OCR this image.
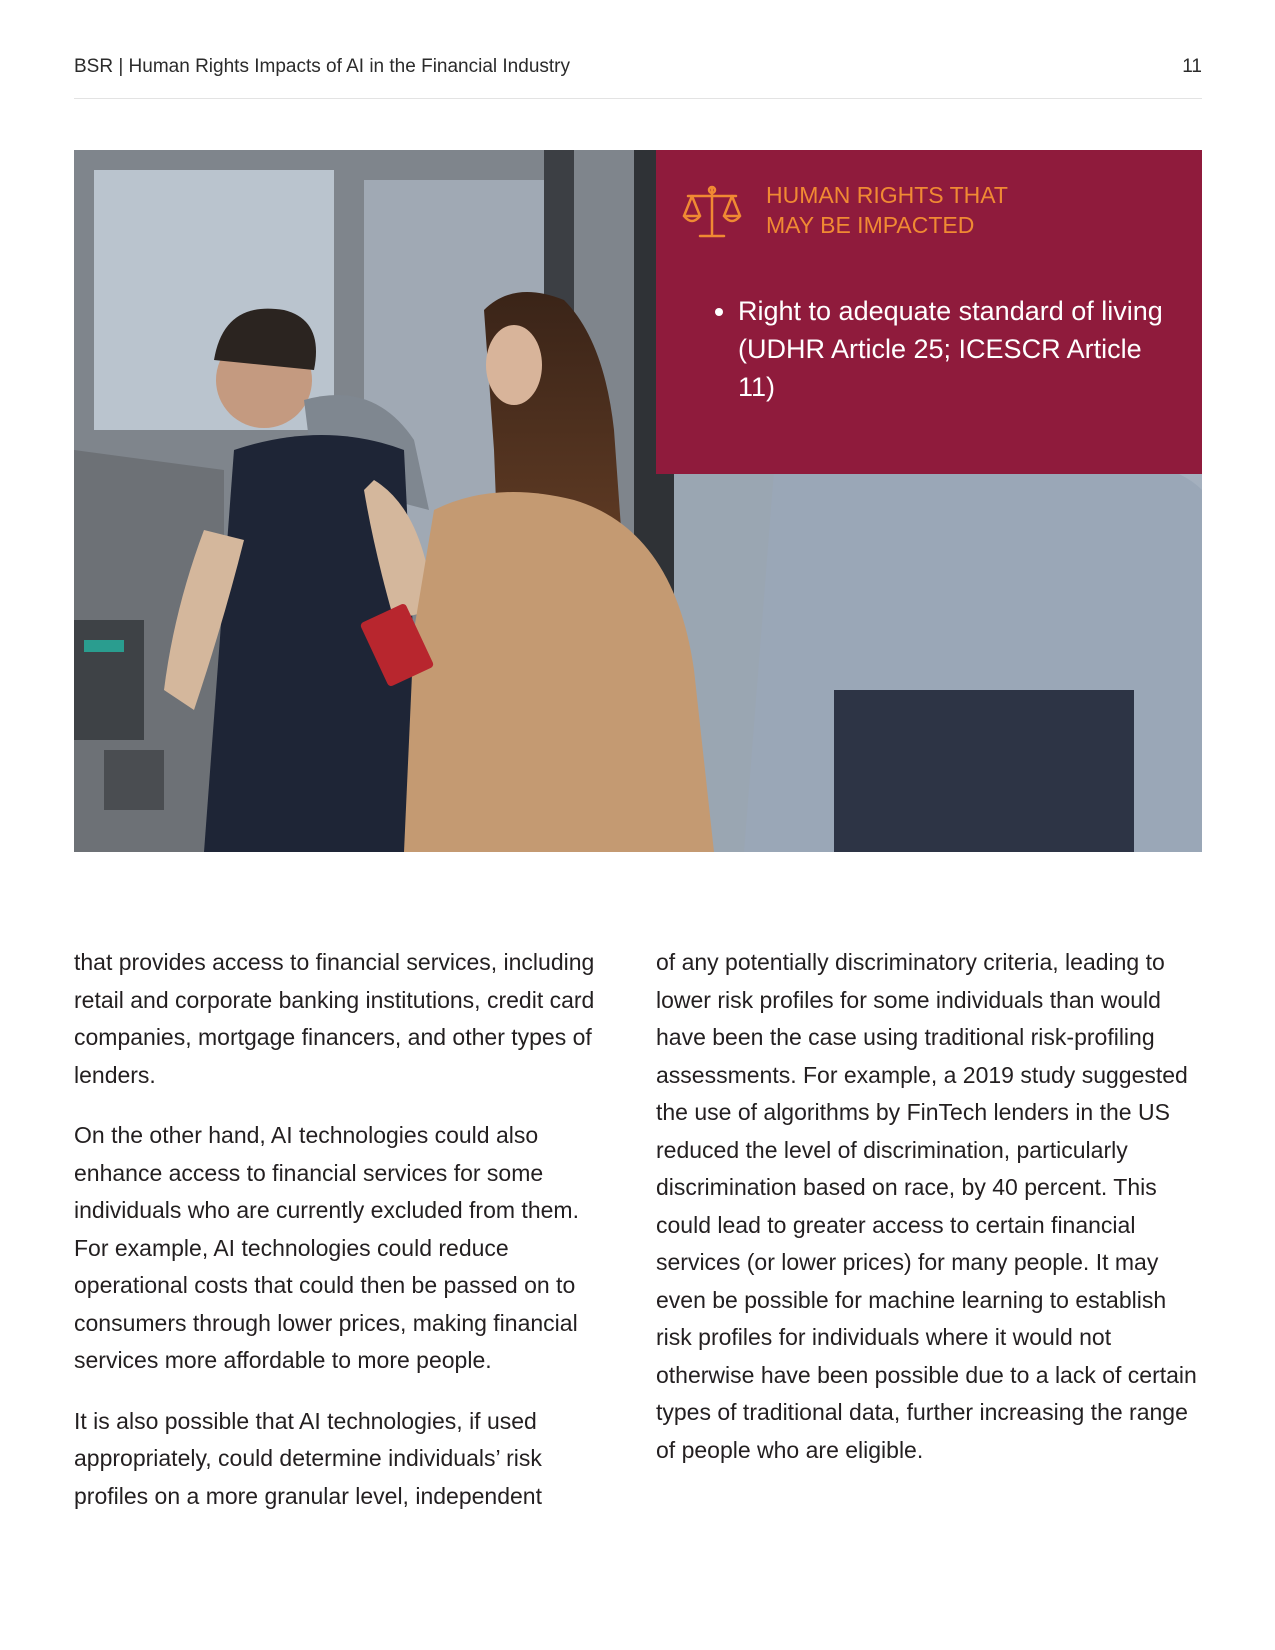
BSR | Human Rights Impacts of AI in the Financial Industry	11
HUMAN RIGHTS THAT
MAY BE IMPACTED
• Right to adequate standard of living (UDHR Article 25; ICESCR Article 11)

that provides access to financial services, including retail and corporate banking institutions, credit card companies, mortgage financers, and other types of lenders.

On the other hand, AI technologies could also enhance access to financial services for some individuals who are currently excluded from them. For example, AI technologies could reduce operational costs that could then be passed on to consumers through lower prices, making financial services more affordable to more people.

It is also possible that AI technologies, if used appropriately, could determine individuals’ risk profiles on a more granular level, independent

of any potentially discriminatory criteria, leading to lower risk profiles for some individuals than would have been the case using traditional risk-profiling assessments. For example, a 2019 study suggested the use of algorithms by FinTech lenders in the US reduced the level of discrimination, particularly discrimination based on race, by 40 percent. This could lead to greater access to certain financial services (or lower prices) for many people. It may even be possible for machine learning to establish risk profiles for individuals where it would not otherwise have been possible due to a lack of certain types of traditional data, further increasing the range of people who are eligible.
